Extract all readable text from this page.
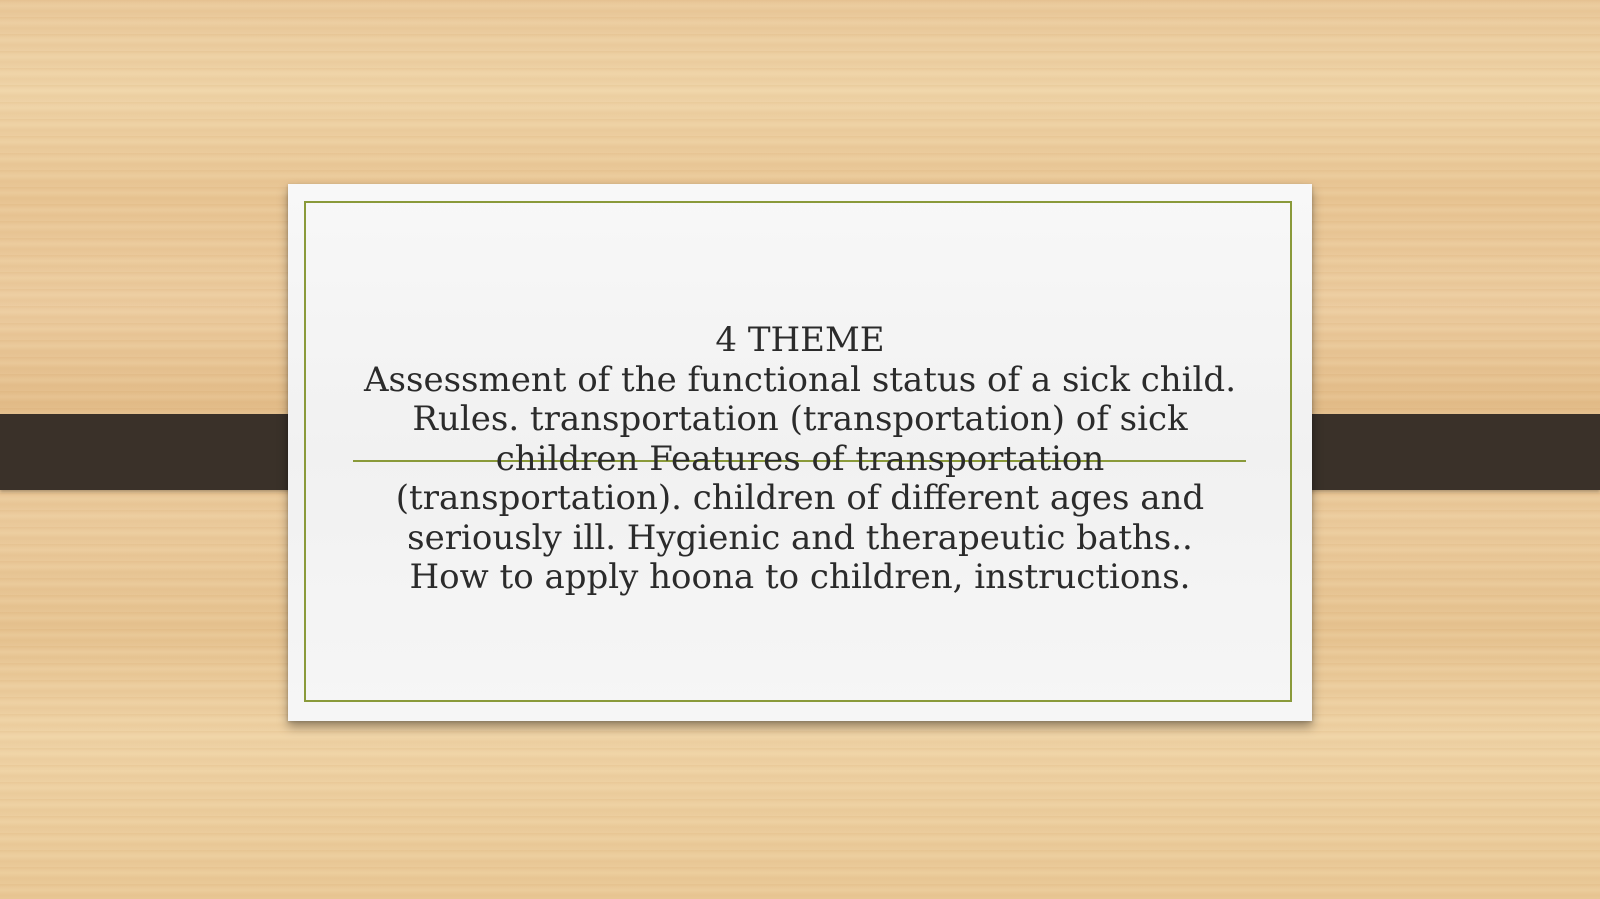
4 THEME
Assessment of the functional status of a sick child.
Rules. transportation (transportation) of sick
children Features of transportation
(transportation). children of different ages and
seriously ill. Hygienic and therapeutic baths..
How to apply hoona to children, instructions.
